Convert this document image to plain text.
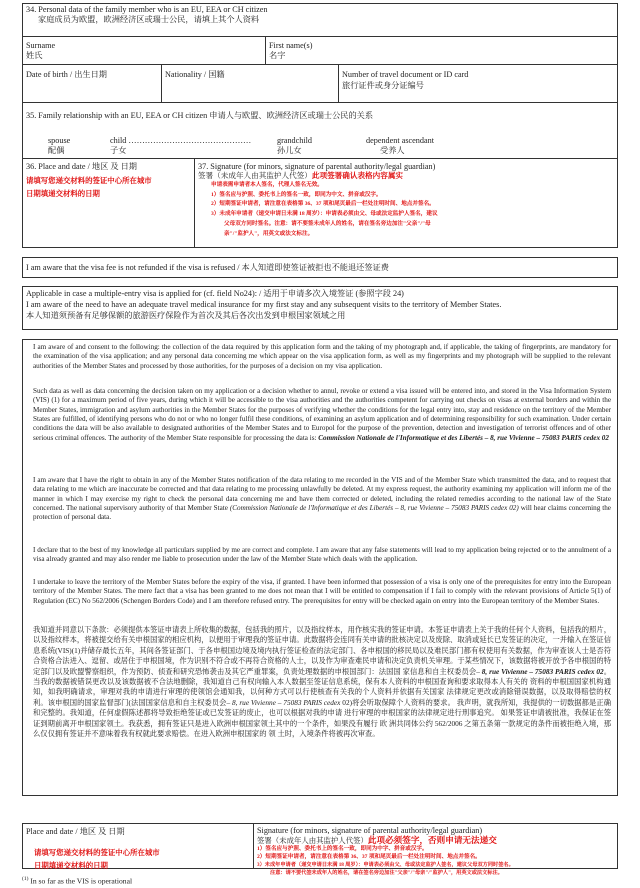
34. Personal data of the family member who is an EU, EEA or CH citizen
家庭成员为欧盟，欧洲经济区或瑞士公民，请填上其个人资料
Surname
姓氏
First name(s)
名字
Date of birth / 出生日期	Nationality / 国籍	Number of travel document or ID card
旅行证件或身分证编号
35. Family relationship with an EU, EEA or CH citizen 申请人与欧盟、欧洲经济区或瑞士公民的关系
spouse
配偶
child ………………………………………
子女
grandchild
孙儿女
dependent ascendant
受养人
36. Place and date / 地区 及 日期
请填写您递交材料的签证中心所在城市
日期填递交材料的日期
37. Signature (for minors, signature of parental authority/legal guardian)
签署（未成年人由其监护人代签）此项签署确认表格内容属实
申请表需申请者本人签名，代理人签名无效。
1）签名应与护照、委托书上的签名一致，即同为中文、拼音或汉字。
2）短期签证申请者，请注意在表格第 36、37 项和尾页最后一栏处注明时间、地点并签名。
3）未成年申请者（递交申请日未满 18 周岁）：申请表必须由父、母或法定监护人签名，建议
父母双方同时签名。注意：请不要签未成年人的姓名，请在签名旁边加注"父亲"/"母
亲"/"监护人"，用英文或法文标注。
I am aware that the visa fee is not refunded if the visa is refused / 本人知道即使签证被拒也不能退还签证费
Applicable in case a multiple-entry visa is applied for (cf. field No24): / 适用于申请多次入境签证 (参照字段 24)
I am aware of the need to have an adequate travel medical insurance for my first stay and any subsequent visits to the territory of Member States.
本人知道须预备有足够保额的旅游医疗保险作为首次及其后各次出发到申根国家领域之用
I am aware of and consent to the following: the collection of the data required by this application form and the taking of my photograph and, if applicable, the taking of fingerprints, are mandatory for the examination of the visa application; and any personal data concerning me which appear on the visa application form, as well as my fingerprints and my photograph will be supplied to the relevant authorities of the Member States and processed by those authorities, for the purposes of a decision on my visa application.
Such data as well as data concerning the decision taken on my application or a decision whether to annul, revoke or extend a visa issued will be entered into, and stored in the Visa Information System (VIS) (1) for a maximum period of five years, during which it will be accessible to the visa authorities and the authorities competent for carrying out checks on visas at external borders and within the Member States, immigration and asylum authorities in the Member States for the purposes of verifying whether the conditions for the legal entry into, stay and residence on the territory of the Member States are fulfilled, of identifying persons who do not or who no longer fulfil these conditions, of examining an asylum application and of determining responsibility for such examination. Under certain conditions the data will be also available to designated authorities of the Member States and to Europol for the purpose of the prevention, detection and investigation of terrorist offences and of other serious criminal offences. The authority of the Member State responsible for processing the data is: Commission Nationale de l'Informatique et des Libertés – 8, rue Vivienne – 75083 PARIS cedex 02
I am aware that I have the right to obtain in any of the Member States notification of the data relating to me recorded in the VIS and of the Member State which transmitted the data, and to request that data relating to me which are inaccurate be corrected and that data relating to me processing unlawfully be deleted. At my express request, the authority examining my application will inform me of the manner in which I may exercise my right to check the personal data concerning me and have them corrected or deleted, including the related remedies according to the national law of the State concerned. The national supervisory authority of that Member State (Commission Nationale de l'Informatique et des Libertés – 8, rue Vivienne – 75083 PARIS cedex 02) will hear claims concerning the protection of personal data.
I declare that to the best of my knowledge all particulars supplied by me are correct and complete. I am aware that any false statements will lead to my application being rejected or to the annulment of a visa already granted and may also render me liable to prosecution under the law of the Member State which deals with the application.
I undertake to leave the territory of the Member States before the expiry of the visa, if granted. I have been informed that possession of a visa is only one of the prerequisites for entry into the European territory of the Member States. The mere fact that a visa has been granted to me does not mean that I will be entitled to compensation if I fail to comply with the relevant provisions of Article 5(1) of Regulation (EC) No 562/2006 (Schengen Borders Code) and I am therefore refused entry. The prerequisites for entry will be checked again on entry into the European territory of the Member States.
我知道并同意以下条款：必须提供本签证申请表上所收集的数据，包括我的照片，以及指纹样本，用作核实我的签证申请。本签证申请表上关于我的任何个人资料，包括我的照片，以及指纹样本，将被提交给有关申根国家的相应机构，以便用于审理我的签证申请。此数据将会连同有关申请的批核决定以及废除、取消或延长已发签证的决定，一并输入在签证信息系统(VIS)(1)并储存最长五年，其间各签证部门、于各申根国边境及境内执行签证检查的法定部门、各申根国的移民局以及难民部门都有权使用有关数据，作为审查该人士是否符合资格合法进入、逗留、或居住于申根国境，作为识别不符合或不再符合资格的人士，以及作为审查难民申请和决定负责机关审理。于某些情况下，该数据将被开放予各申根国的特定部门以及欧盟警察组织，作为预防、侦查和研究恐怖袭击及其它严重罪案，负责处理数据的申根国部门：法国国 家信息和自主权委员会– 8, rue Vivienne – 75083 PARIS cedex 02。当我的数据被错误更改以及该数据被不合法地删除，我知道自己有权向输入本人数据至签证信息系统，保有本人资料的申根国查询和要求取得本人有关的 资料的申根国国家机构通知，如我明确请求，审理对我的申请进行审理的使领馆会通知我，以何种方式可以行使核查有关我的个人资料并依据有关国家 法律规定更改或消除错误数据，以及取得赔偿的权利。该申根国的国家监督部门(法国国家信息和自主权委员会– 8, rue Vivienne – 75083 PARIS cedex 02)将会听取保障个人资料的要求。 我声明，就我所知，我提供的一切数据都是正确和完整的。我知道，任何虚假陈述都将导致拒绝签证或已发签证的废止，也可以根据对我的申请 进行审理的申根国家的法律规定进行刑事追究。 如果签证申请被批准，我保证在签证到期前离开申根国家领土。我获悉，拥有签证只是进入欧洲申根国家领土其中的一个条件，如果没有履行 欧 洲共同体公约 562/2006 之第五条第一款规定的条件而被拒绝入境，那么仅仅拥有签证并不意味着我有权就此要求赔偿。在进入欧洲申根国家的 领 土时，入境条件将被再次审查。
Place and date / 地区 及 日期
请填写您递交材料的签证中心所在城市
日期填递交材料的日期
Signature (for minors, signature of parental authority/legal guardian)
签署（未成年人由其监护人代签）此项必须签字，否则申请无法递交
1）签名应与护照、委托书上的签名一致，即同为中字、拼音或汉字。
2）短期签证申请者，请注意在表格第 36、37 项和尾页最后一栏处注明时间、地点并签名。
3）未成年申请者（递交申请日未满 18 周岁）：申请表必须由父、母或法定监护人签名，建议父母双方同时签名。
注意：请不要代签未成年人的姓名，请在签名旁边加注"父亲"/"母亲"/"监护人"，用英文或法文标注。
$^{(1)}$ In so far as the VIS is operational
